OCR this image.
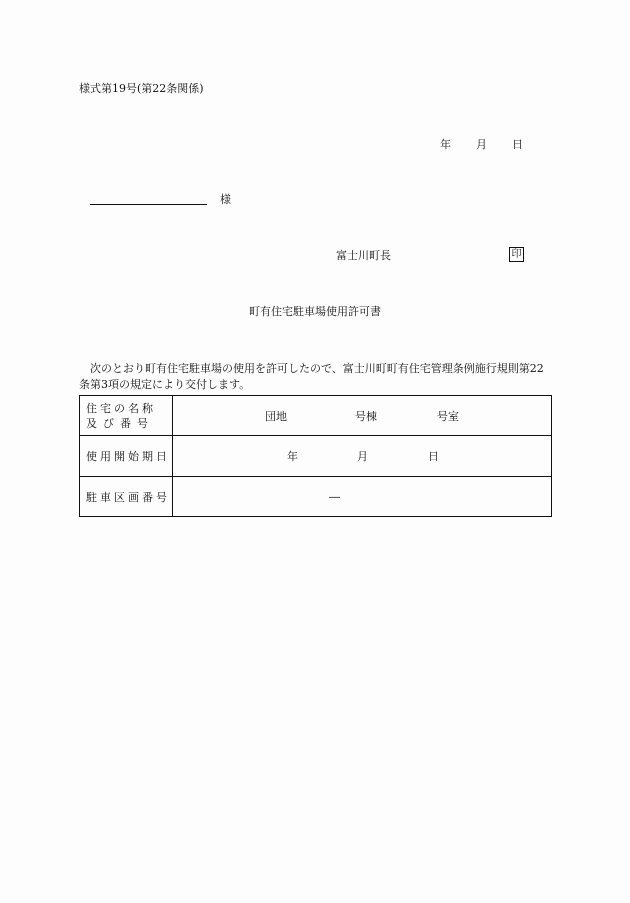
様式第19号(第22条関係)
年 月 日
様
富士川町長	印
町有住宅駐車場使用許可書
次のとおり町有住宅駐車場の使用を許可したので、富士川町町有住宅管理条例施行規則第22条第3項の規定により交付します。
住宅の名称
及び番号	団地 号棟 号室

使用開始期日	年 月 日

駐車区画番号	―
